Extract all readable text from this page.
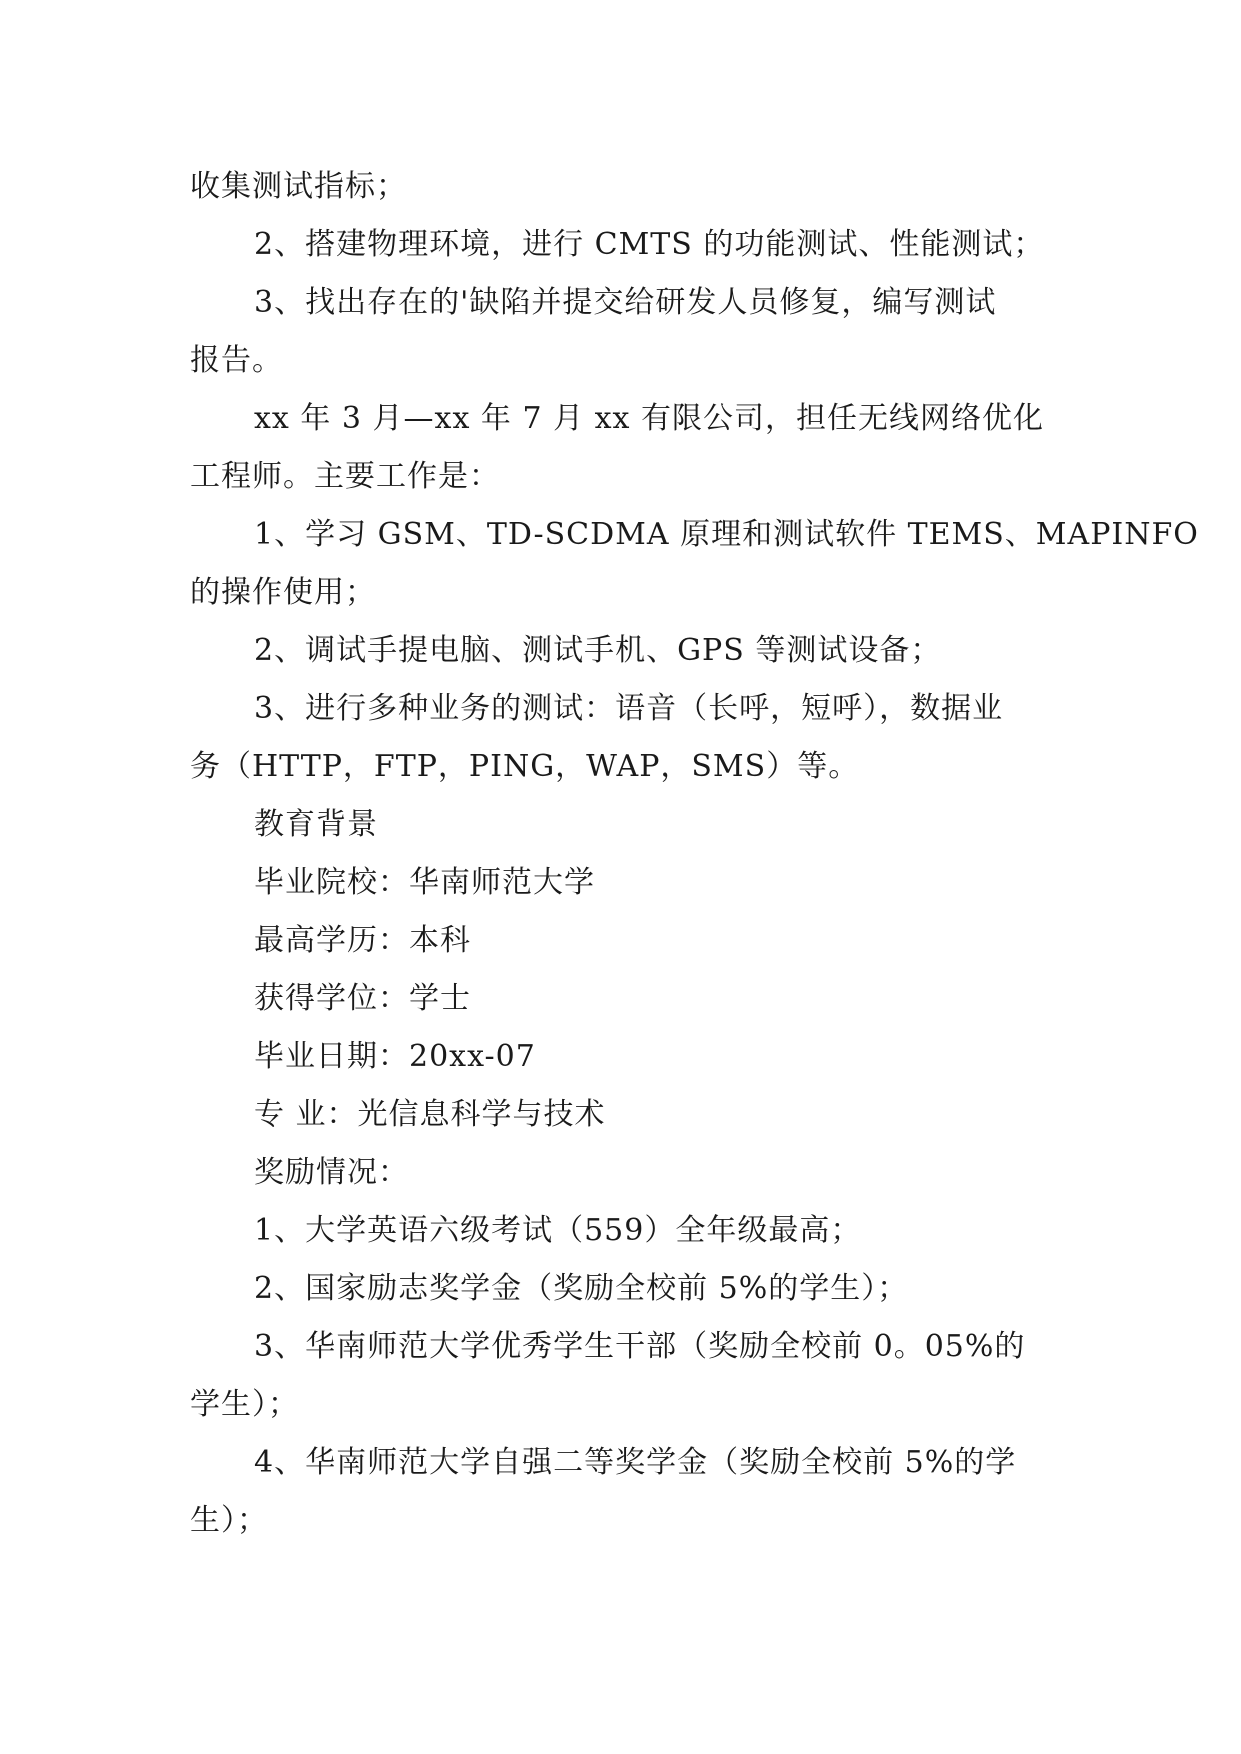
收集测试指标；
2、搭建物理环境，进行 CMTS 的功能测试、性能测试；
3、找出存在的'缺陷并提交给研发人员修复，编写测试
报告。
xx 年 3 月—xx 年 7 月 xx 有限公司，担任无线网络优化
工程师。主要工作是：
1、学习 GSM、TD-SCDMA 原理和测试软件 TEMS、MAPINFO
的操作使用；
2、调试手提电脑、测试手机、GPS 等测试设备；
3、进行多种业务的测试：语音（长呼，短呼），数据业
务（HTTP，FTP，PING，WAP，SMS）等。
教育背景
毕业院校：华南师范大学
最高学历：本科
获得学位：学士
毕业日期：20xx-07
专 业：光信息科学与技术
奖励情况：
1、大学英语六级考试（559）全年级最高；
2、国家励志奖学金（奖励全校前 5%的学生）；
3、华南师范大学优秀学生干部（奖励全校前 0。05%的
学生）；
4、华南师范大学自强二等奖学金（奖励全校前 5%的学
生）；
